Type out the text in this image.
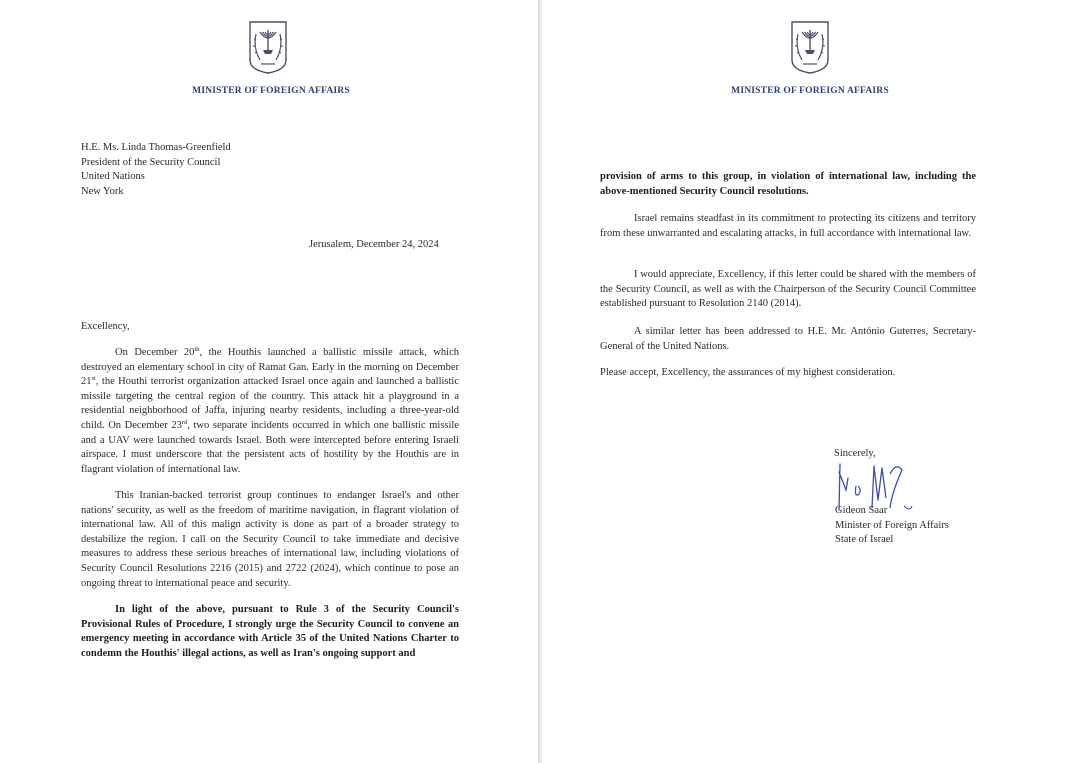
MINISTER OF FOREIGN AFFAIRS
H.E. Ms. Linda Thomas-Greenfield
President of the Security Council
United Nations
New York
Jerusalem, December 24, 2024
Excellency,

On December 20th, the Houthis launched a ballistic missile attack, which destroyed an elementary school in city of Ramat Gan. Early in the morning on December 21st, the Houthi terrorist organization attacked Israel once again and launched a ballistic missile targeting the central region of the country. This attack hit a playground in a residential neighborhood of Jaffa, injuring nearby residents, including a three-year-old child. On December 23rd, two separate incidents occurred in which one ballistic missile and a UAV were launched towards Israel. Both were intercepted before entering Israeli airspace. I must underscore that the persistent acts of hostility by the Houthis are in flagrant violation of international law.

This Iranian-backed terrorist group continues to endanger Israel's and other nations' security, as well as the freedom of maritime navigation, in flagrant violation of international law. All of this malign activity is done as part of a broader strategy to destabilize the region. I call on the Security Council to take immediate and decisive measures to address these serious breaches of international law, including violations of Security Council Resolutions 2216 (2015) and 2722 (2024), which continue to pose an ongoing threat to international peace and security.

In light of the above, pursuant to Rule 3 of the Security Council's Provisional Rules of Procedure, I strongly urge the Security Council to convene an emergency meeting in accordance with Article 35 of the United Nations Charter to condemn the Houthis' illegal actions, as well as Iran's ongoing support and

MINISTER OF FOREIGN AFFAIRS

provision of arms to this group, in violation of international law, including the above-mentioned Security Council resolutions.

Israel remains steadfast in its commitment to protecting its citizens and territory from these unwarranted and escalating attacks, in full accordance with international law.

I would appreciate, Excellency, if this letter could be shared with the members of the Security Council, as well as with the Chairperson of the Security Council Committee established pursuant to Resolution 2140 (2014).

A similar letter has been addressed to H.E. Mr. António Guterres, Secretary-General of the United Nations.

Please accept, Excellency, the assurances of my highest consideration.

Sincerely,
Gideon Saar
Minister of Foreign Affairs
State of Israel
